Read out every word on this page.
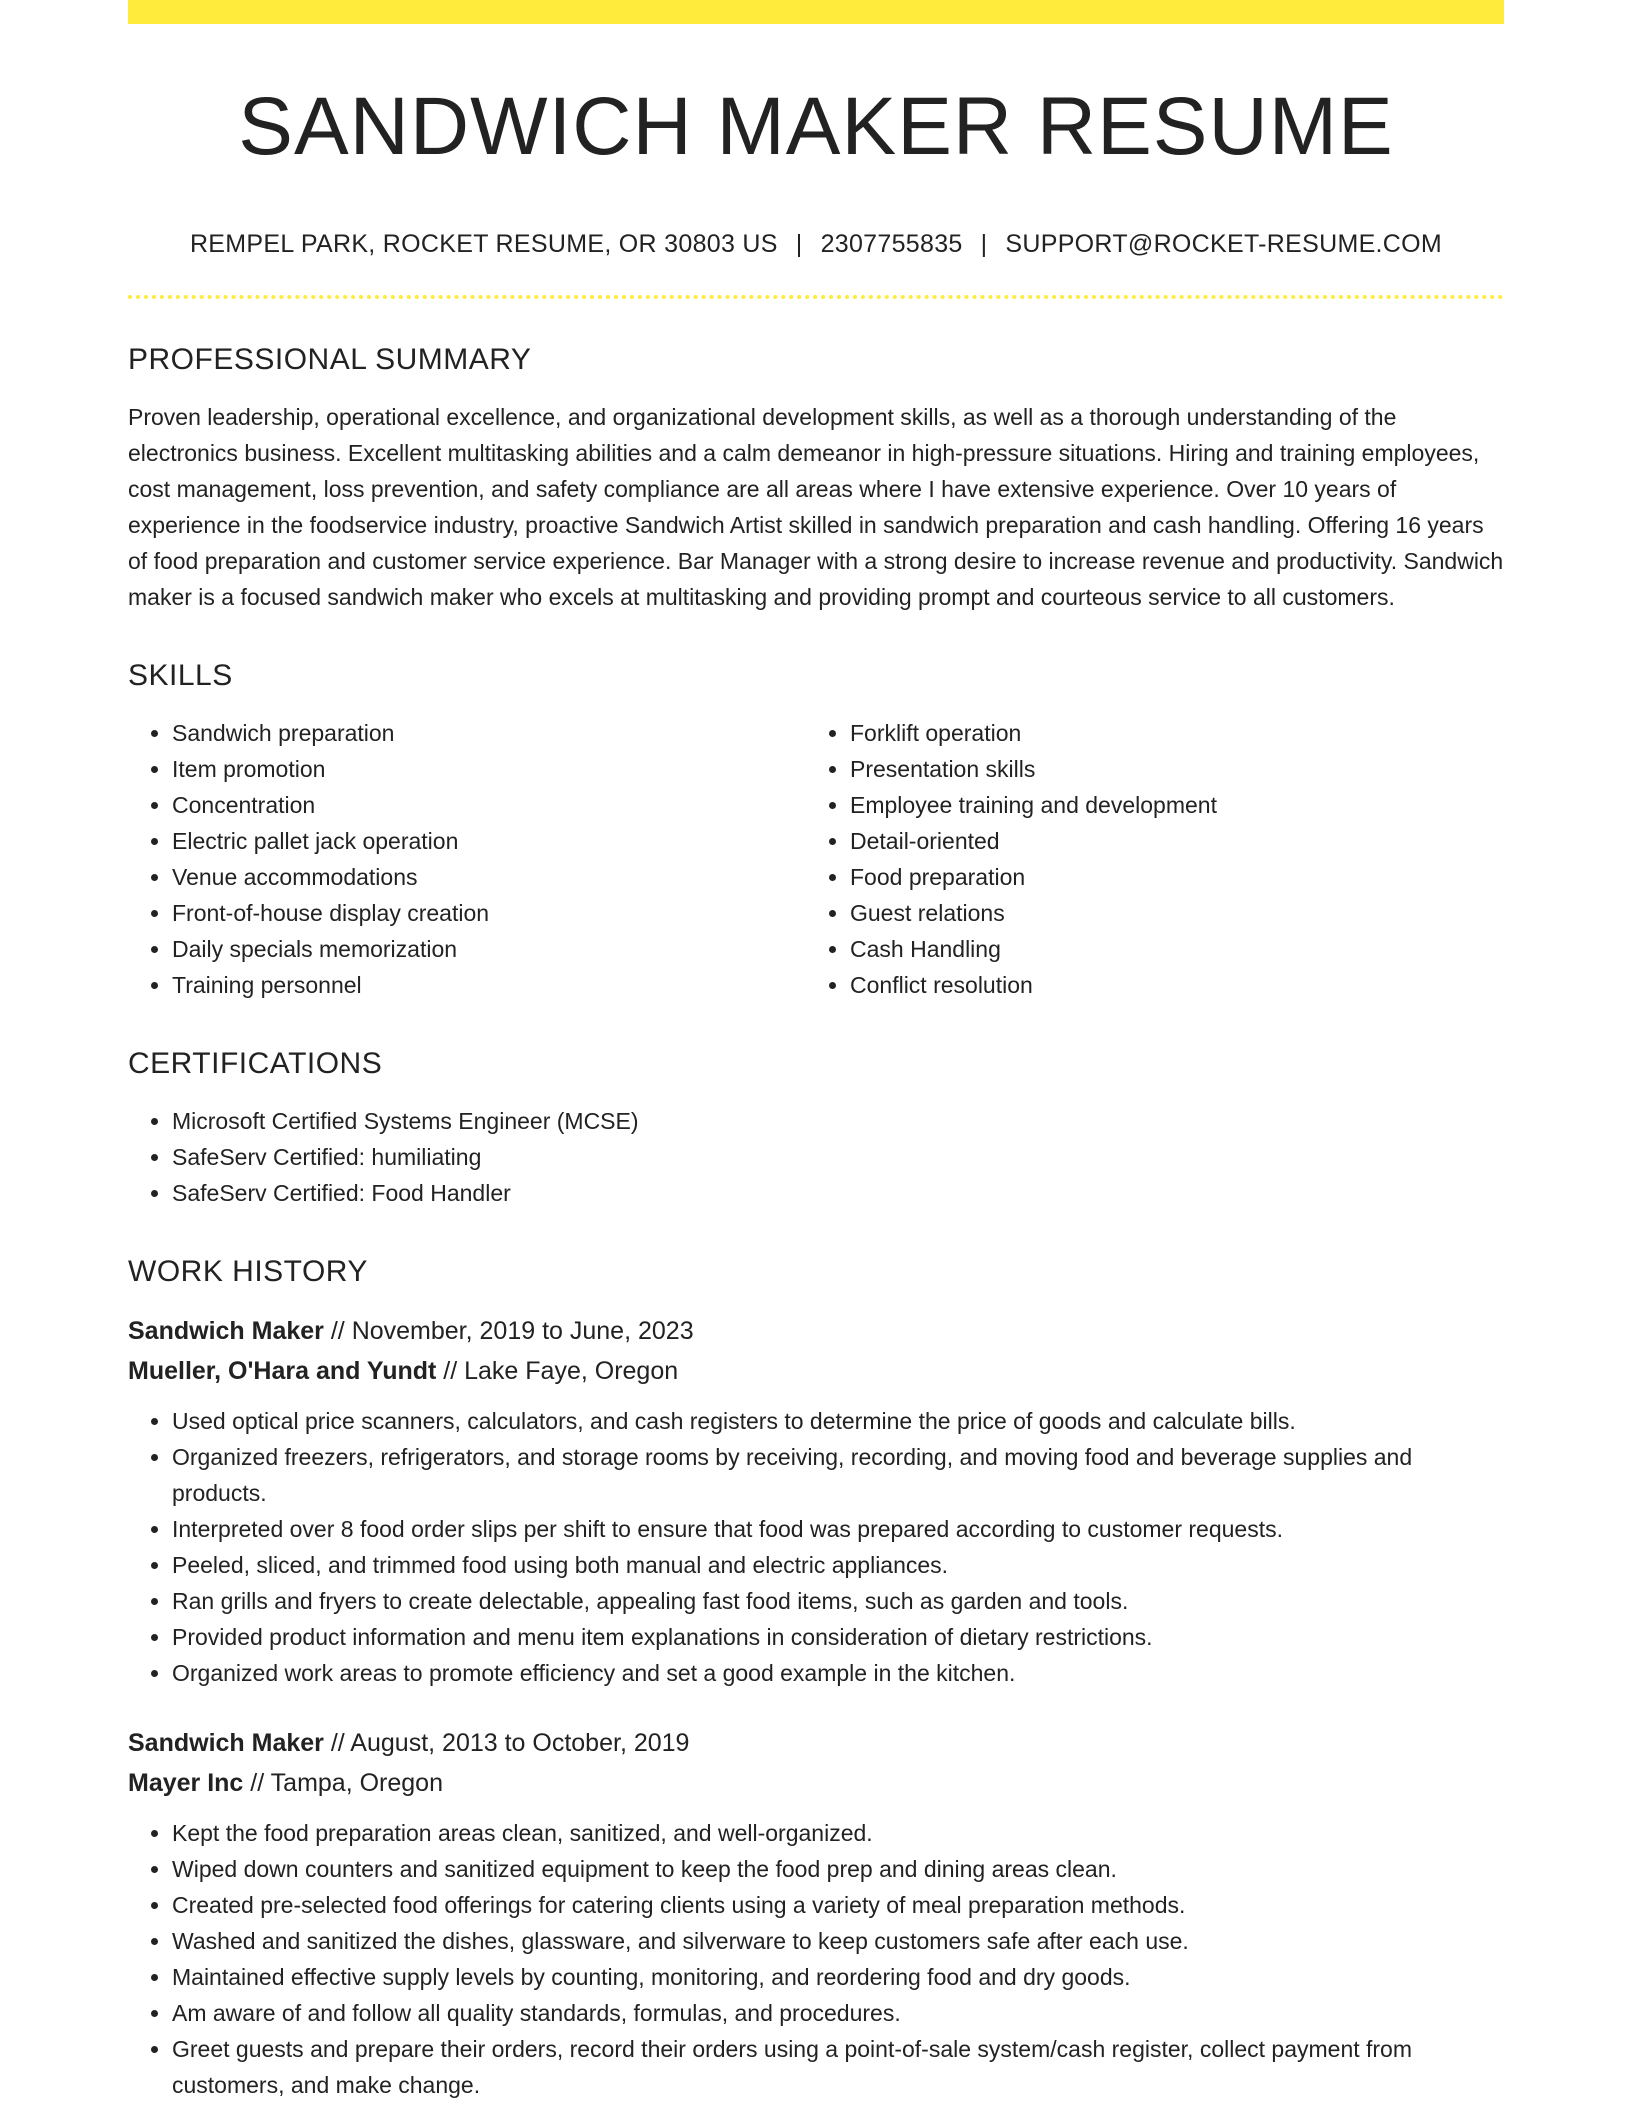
SANDWICH MAKER RESUME
REMPEL PARK, ROCKET RESUME, OR 30803 US | 2307755835 | SUPPORT@ROCKET-RESUME.COM
PROFESSIONAL SUMMARY

Proven leadership, operational excellence, and organizational development skills, as well as a thorough understanding of the electronics business. Excellent multitasking abilities and a calm demeanor in high-pressure situations. Hiring and training employees, cost management, loss prevention, and safety compliance are all areas where I have extensive experience. Over 10 years of experience in the foodservice industry, proactive Sandwich Artist skilled in sandwich preparation and cash handling. Offering 16 years of food preparation and customer service experience. Bar Manager with a strong desire to increase revenue and productivity. Sandwich maker is a focused sandwich maker who excels at multitasking and providing prompt and courteous service to all customers.

SKILLS
• Sandwich preparation
• Item promotion
• Concentration
• Electric pallet jack operation
• Venue accommodations
• Front-of-house display creation
• Daily specials memorization
• Training personnel
• Forklift operation
• Presentation skills
• Employee training and development
• Detail-oriented
• Food preparation
• Guest relations
• Cash Handling
• Conflict resolution
CERTIFICATIONS
• Microsoft Certified Systems Engineer (MCSE)
• SafeServ Certified: humiliating
• SafeServ Certified: Food Handler
WORK HISTORY
Sandwich Maker // November, 2019 to June, 2023
Mueller, O'Hara and Yundt // Lake Faye, Oregon
• Used optical price scanners, calculators, and cash registers to determine the price of goods and calculate bills.
• Organized freezers, refrigerators, and storage rooms by receiving, recording, and moving food and beverage supplies and products.
• Interpreted over 8 food order slips per shift to ensure that food was prepared according to customer requests.
• Peeled, sliced, and trimmed food using both manual and electric appliances.
• Ran grills and fryers to create delectable, appealing fast food items, such as garden and tools.
• Provided product information and menu item explanations in consideration of dietary restrictions.
• Organized work areas to promote efficiency and set a good example in the kitchen.
Sandwich Maker // August, 2013 to October, 2019
Mayer Inc // Tampa, Oregon
• Kept the food preparation areas clean, sanitized, and well-organized.
• Wiped down counters and sanitized equipment to keep the food prep and dining areas clean.
• Created pre-selected food offerings for catering clients using a variety of meal preparation methods.
• Washed and sanitized the dishes, glassware, and silverware to keep customers safe after each use.
• Maintained effective supply levels by counting, monitoring, and reordering food and dry goods.
• Am aware of and follow all quality standards, formulas, and procedures.
• Greet guests and prepare their orders, record their orders using a point-of-sale system/cash register, collect payment from customers, and make change.
